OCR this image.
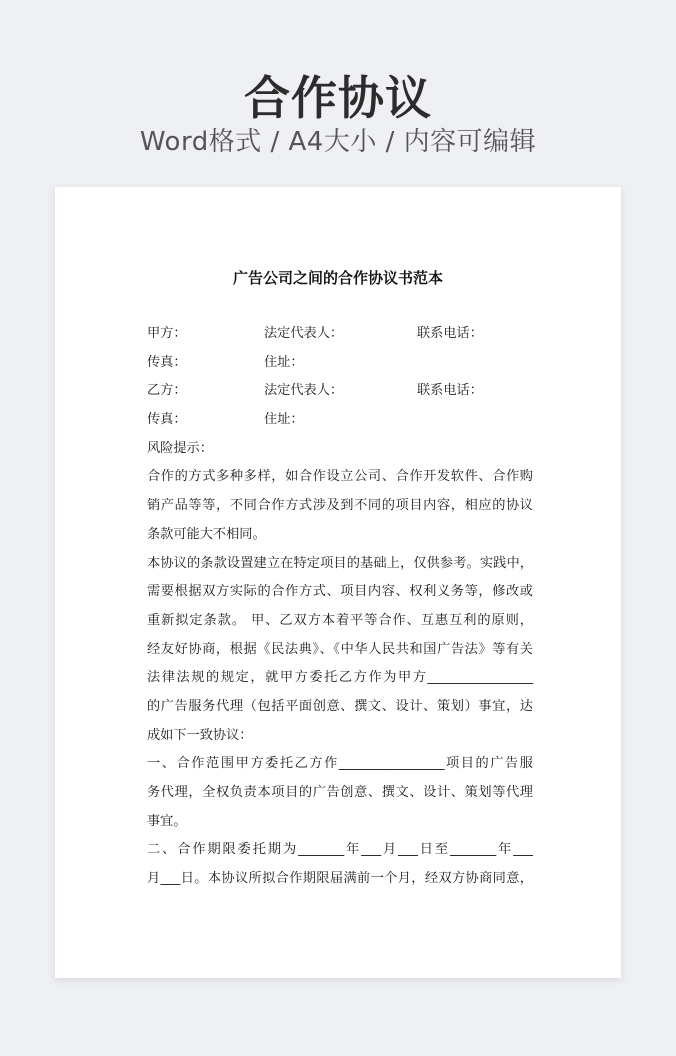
合作协议
Word格式 / A4大小 / 内容可编辑
广告公司之间的合作协议书范本
甲方：	法定代表人：	联系电话：
传真：	住址：
乙方：	法定代表人：	联系电话：
传真：	住址：
风险提示：
合作的方式多种多样，如合作设立公司、合作开发软件、合作购
销产品等等，不同合作方式涉及到不同的项目内容，相应的协议
条款可能大不相同。
本协议的条款设置建立在特定项目的基础上，仅供参考。实践中，
需要根据双方实际的合作方式、项目内容、权利义务等，修改或
重新拟定条款。 甲、乙双方本着平等合作、互惠互利的原则，
经友好协商，根据《民法典》、《中华人民共和国广告法》等有关
法律法规的规定，就甲方委托乙方作为甲方________________
的广告服务代理（包括平面创意、撰文、设计、策划）事宜，达
成如下一致协议：
一、合作范围甲方委托乙方作________________项目的广告服
务代理，全权负责本项目的广告创意、撰文、设计、策划等代理
事宜。
二、合作期限委托期为_______年___月___日至_______年___
月___日。本协议所拟合作期限届满前一个月，经双方协商同意，
